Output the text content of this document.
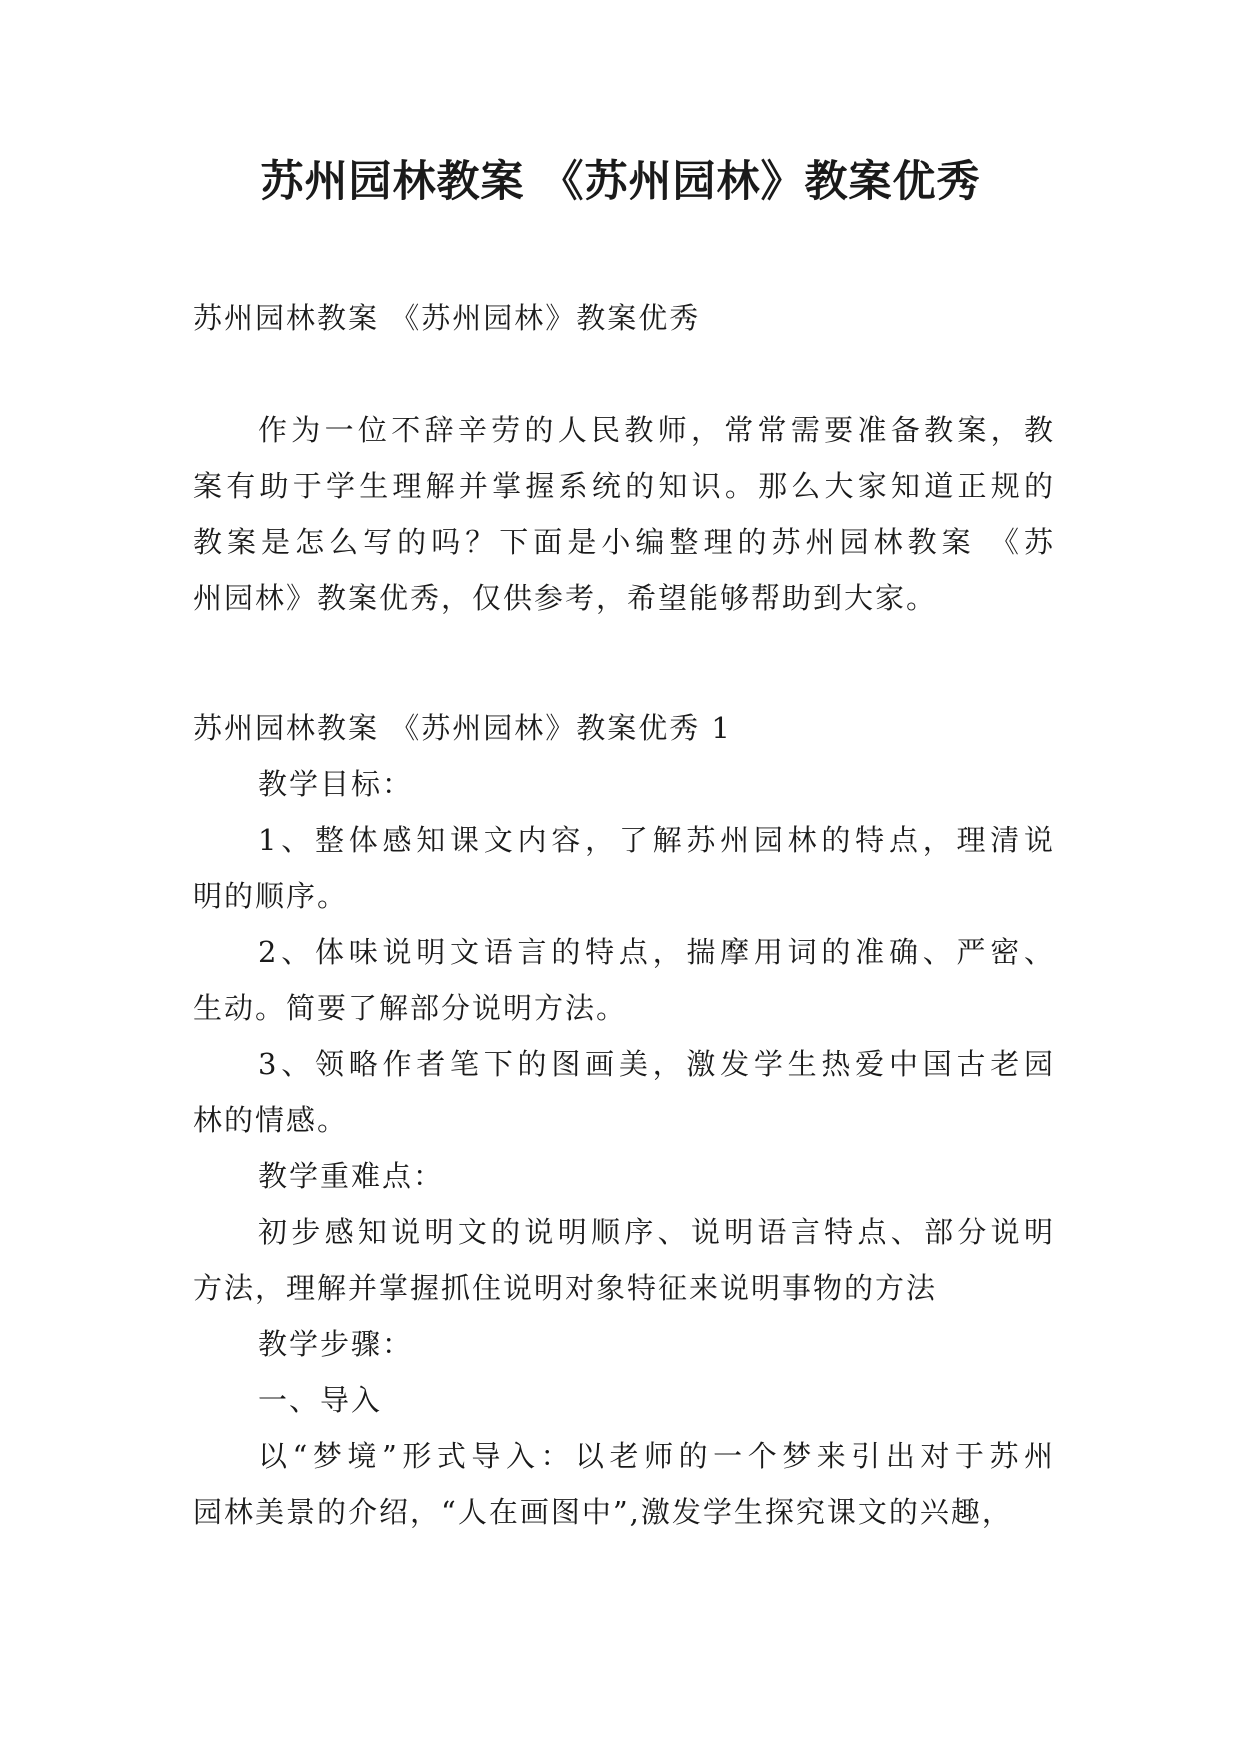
苏州园林教案 《苏州园林》教案优秀
苏州园林教案 《苏州园林》教案优秀
作为一位不辞辛劳的人民教师，常常需要准备教案，教
案有助于学生理解并掌握系统的知识。那么大家知道正规的
教案是怎么写的吗？下面是小编整理的苏州园林教案 《苏
州园林》教案优秀，仅供参考，希望能够帮助到大家。
苏州园林教案 《苏州园林》教案优秀 1
教学目标：
1、整体感知课文内容，了解苏州园林的特点，理清说
明的顺序。
2、体味说明文语言的特点，揣摩用词的准确、严密、
生动。简要了解部分说明方法。
3、领略作者笔下的图画美，激发学生热爱中国古老园
林的情感。
教学重难点：
初步感知说明文的说明顺序、说明语言特点、部分说明
方法，理解并掌握抓住说明对象特征来说明事物的方法
教学步骤：
一、导入
以“梦境”形式导入：以老师的一个梦来引出对于苏州
园林美景的介绍，“人在画图中”,激发学生探究课文的兴趣，
